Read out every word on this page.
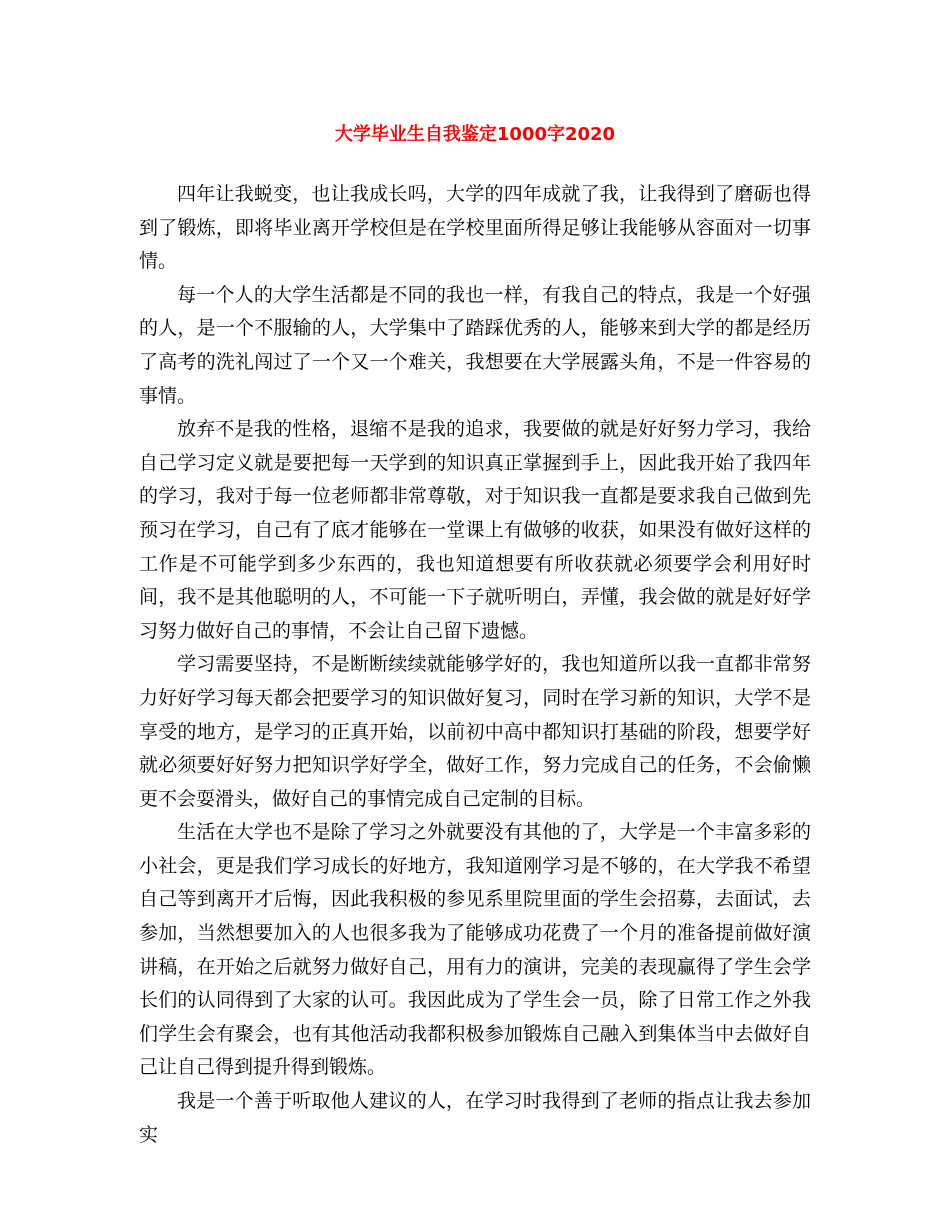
大学毕业生自我鉴定1000字2020

四年让我蜕变，也让我成长吗，大学的四年成就了我，让我得到了磨砺也得到了锻炼，即将毕业离开学校但是在学校里面所得足够让我能够从容面对一切事情。

每一个人的大学生活都是不同的我也一样，有我自己的特点，我是一个好强的人，是一个不服输的人，大学集中了踏踩优秀的人，能够来到大学的都是经历了高考的洗礼闯过了一个又一个难关，我想要在大学展露头角，不是一件容易的事情。

放弃不是我的性格，退缩不是我的追求，我要做的就是好好努力学习，我给自己学习定义就是要把每一天学到的知识真正掌握到手上，因此我开始了我四年的学习，我对于每一位老师都非常尊敬，对于知识我一直都是要求我自己做到先预习在学习，自己有了底才能够在一堂课上有做够的收获，如果没有做好这样的工作是不可能学到多少东西的，我也知道想要有所收获就必须要学会利用好时间，我不是其他聪明的人，不可能一下子就听明白，弄懂，我会做的就是好好学习努力做好自己的事情，不会让自己留下遗憾。

学习需要坚持，不是断断续续就能够学好的，我也知道所以我一直都非常努力好好学习每天都会把要学习的知识做好复习，同时在学习新的知识，大学不是享受的地方，是学习的正真开始，以前初中高中都知识打基础的阶段，想要学好就必须要好好努力把知识学好学全，做好工作，努力完成自己的任务，不会偷懒更不会耍滑头，做好自己的事情完成自己定制的目标。

生活在大学也不是除了学习之外就要没有其他的了，大学是一个丰富多彩的小社会，更是我们学习成长的好地方，我知道刚学习是不够的，在大学我不希望自己等到离开才后悔，因此我积极的参见系里院里面的学生会招募，去面试，去参加，当然想要加入的人也很多我为了能够成功花费了一个月的准备提前做好演讲稿，在开始之后就努力做好自己，用有力的演讲，完美的表现赢得了学生会学长们的认同得到了大家的认可。我因此成为了学生会一员，除了日常工作之外我们学生会有聚会，也有其他活动我都积极参加锻炼自己融入到集体当中去做好自己让自己得到提升得到锻炼。

我是一个善于听取他人建议的人，在学习时我得到了老师的指点让我去参加实
